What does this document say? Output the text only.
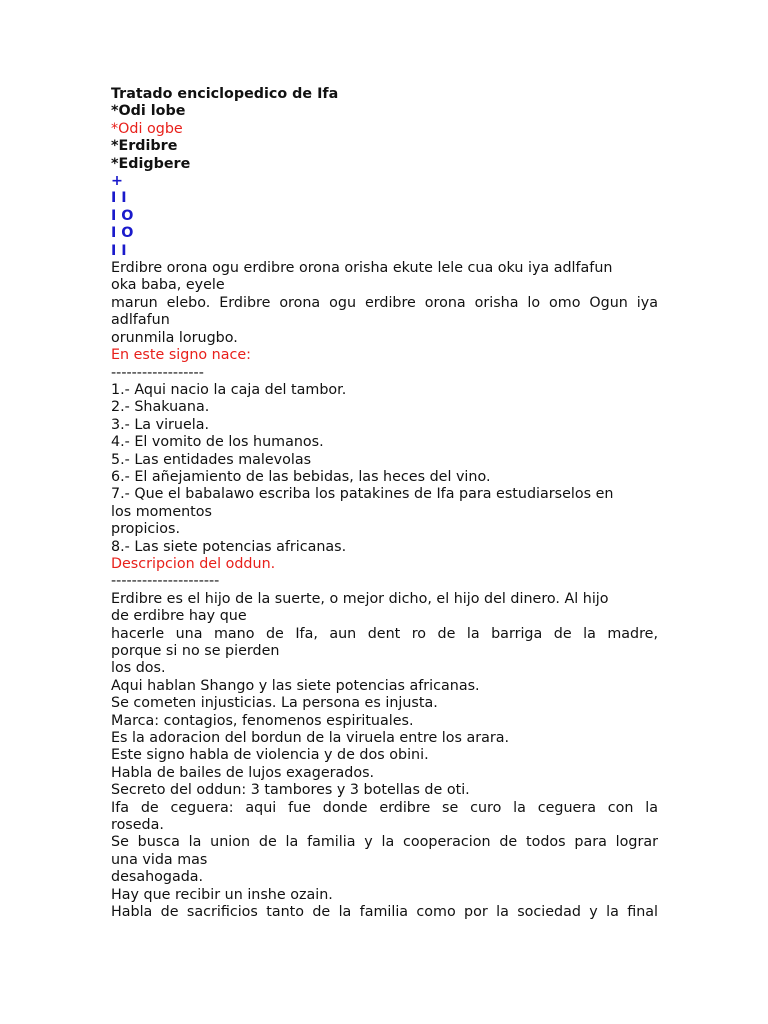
Tratado enciclopedico de Ifa
*Odi lobe
*Odi ogbe
*Erdibre
*Edigbere
+
I I
I O
I O
I I
Erdibre orona ogu erdibre orona orisha ekute lele cua oku iya adlfafun
oka baba, eyele
marun elebo. Erdibre orona ogu erdibre orona orisha lo omo Ogun iya
adlfafun
orunmila lorugbo.
En este signo nace:
------------------
1.- Aqui nacio la caja del tambor.
2.- Shakuana.
3.- La viruela.
4.- El vomito de los humanos.
5.- Las entidades malevolas
6.- El añejamiento de las bebidas, las heces del vino.
7.- Que el babalawo escriba los patakines de Ifa para estudiarselos en
los momentos
propicios.
8.- Las siete potencias africanas.
Descripcion del oddun.
---------------------
Erdibre es el hijo de la suerte, o mejor dicho, el hijo del dinero. Al hijo
de erdibre hay que
hacerle una mano de Ifa, aun dent ro de la barriga de la madre,
porque si no se pierden
los dos.
Aqui hablan Shango y las siete potencias africanas.
Se cometen injusticias. La persona es injusta.
Marca: contagios, fenomenos espirituales.
Es la adoracion del bordun de la viruela entre los arara.
Este signo habla de violencia y de dos obini.
Habla de bailes de lujos exagerados.
Secreto del oddun: 3 tambores y 3 botellas de oti.
Ifa de ceguera: aqui fue donde erdibre se curo la ceguera con la
roseda.
Se busca la union de la familia y la cooperacion de todos para lograr
una vida mas
desahogada.
Hay que recibir un inshe ozain.
Habla de sacrificios tanto de la familia como por la sociedad y la final
